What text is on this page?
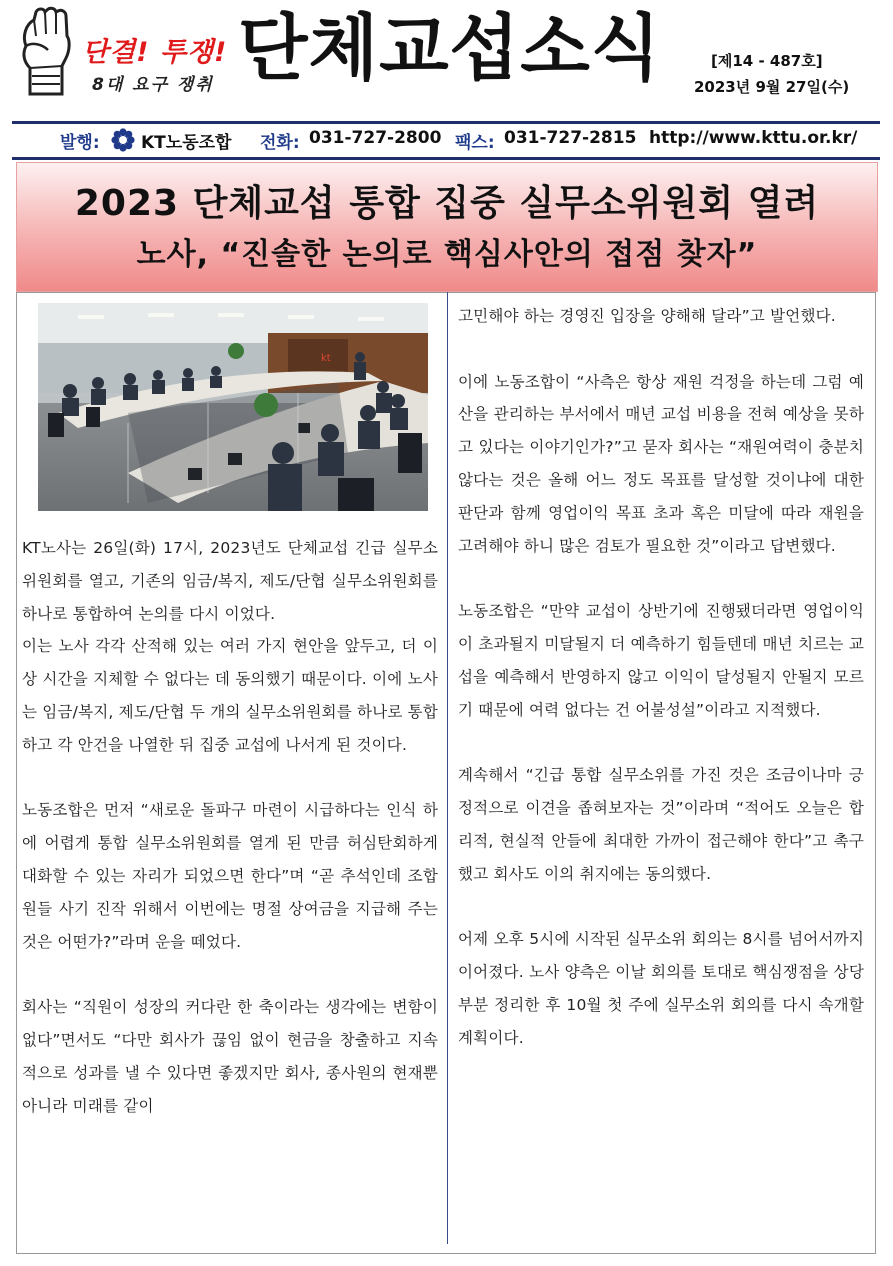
단결! 투쟁!
8대 요구 쟁취 단체교섭소식	[제14 - 487호]
2023년 9월 27일(수)
발행: KT노동조합 전화: 031-727-2800 팩스: 031-727-2815 http://www.kttu.or.kr/
2023 단체교섭 통합 집중 실무소위원회 열려
노사, “진솔한 논의로 핵심사안의 접점 찾자”
kt

KT노사는 26일(화) 17시, 2023년도 단체교섭 긴급 실무소위원회를 열고, 기존의 임금/복지, 제도/단협 실무소위원회를 하나로 통합하여 논의를 다시 이었다.

이는 노사 각각 산적해 있는 여러 가지 현안을 앞두고, 더 이상 시간을 지체할 수 없다는 데 동의했기 때문이다. 이에 노사는 임금/복지, 제도/단협 두 개의 실무소위원회를 하나로 통합하고 각 안건을 나열한 뒤 집중 교섭에 나서게 된 것이다.

노동조합은 먼저 “새로운 돌파구 마련이 시급하다는 인식 하에 어렵게 통합 실무소위원회를 열게 된 만큼 허심탄회하게 대화할 수 있는 자리가 되었으면 한다”며 “곧 추석인데 조합원들 사기 진작 위해서 이번에는 명절 상여금을 지급해 주는 것은 어떤가?”라며 운을 떼었다.

회사는 “직원이 성장의 커다란 한 축이라는 생각에는 변함이 없다”면서도 “다만 회사가 끊임 없이 현금을 창출하고 지속적으로 성과를 낼 수 있다면 좋겠지만 회사, 종사원의 현재뿐 아니라 미래를 같이

고민해야 하는 경영진 입장을 양해해 달라”고 발언했다.

이에 노동조합이 “사측은 항상 재원 걱정을 하는데 그럼 예산을 관리하는 부서에서 매년 교섭 비용을 전혀 예상을 못하고 있다는 이야기인가?”고 묻자 회사는 “재원여력이 충분치 않다는 것은 올해 어느 정도 목표를 달성할 것이냐에 대한 판단과 함께 영업이익 목표 초과 혹은 미달에 따라 재원을 고려해야 하니 많은 검토가 필요한 것”이라고 답변했다.

노동조합은 “만약 교섭이 상반기에 진행됐더라면 영업이익이 초과될지 미달될지 더 예측하기 힘들텐데 매년 치르는 교섭을 예측해서 반영하지 않고 이익이 달성될지 안될지 모르기 때문에 여력 없다는 건 어불성설”이라고 지적했다.

계속해서 “긴급 통합 실무소위를 가진 것은 조금이나마 긍정적으로 이견을 좁혀보자는 것”이라며 “적어도 오늘은 합리적, 현실적 안들에 최대한 가까이 접근해야 한다”고 촉구했고 회사도 이의 취지에는 동의했다.

어제 오후 5시에 시작된 실무소위 회의는 8시를 넘어서까지 이어졌다. 노사 양측은 이날 회의를 토대로 핵심쟁점을 상당부분 정리한 후 10월 첫 주에 실무소위 회의를 다시 속개할 계획이다.
